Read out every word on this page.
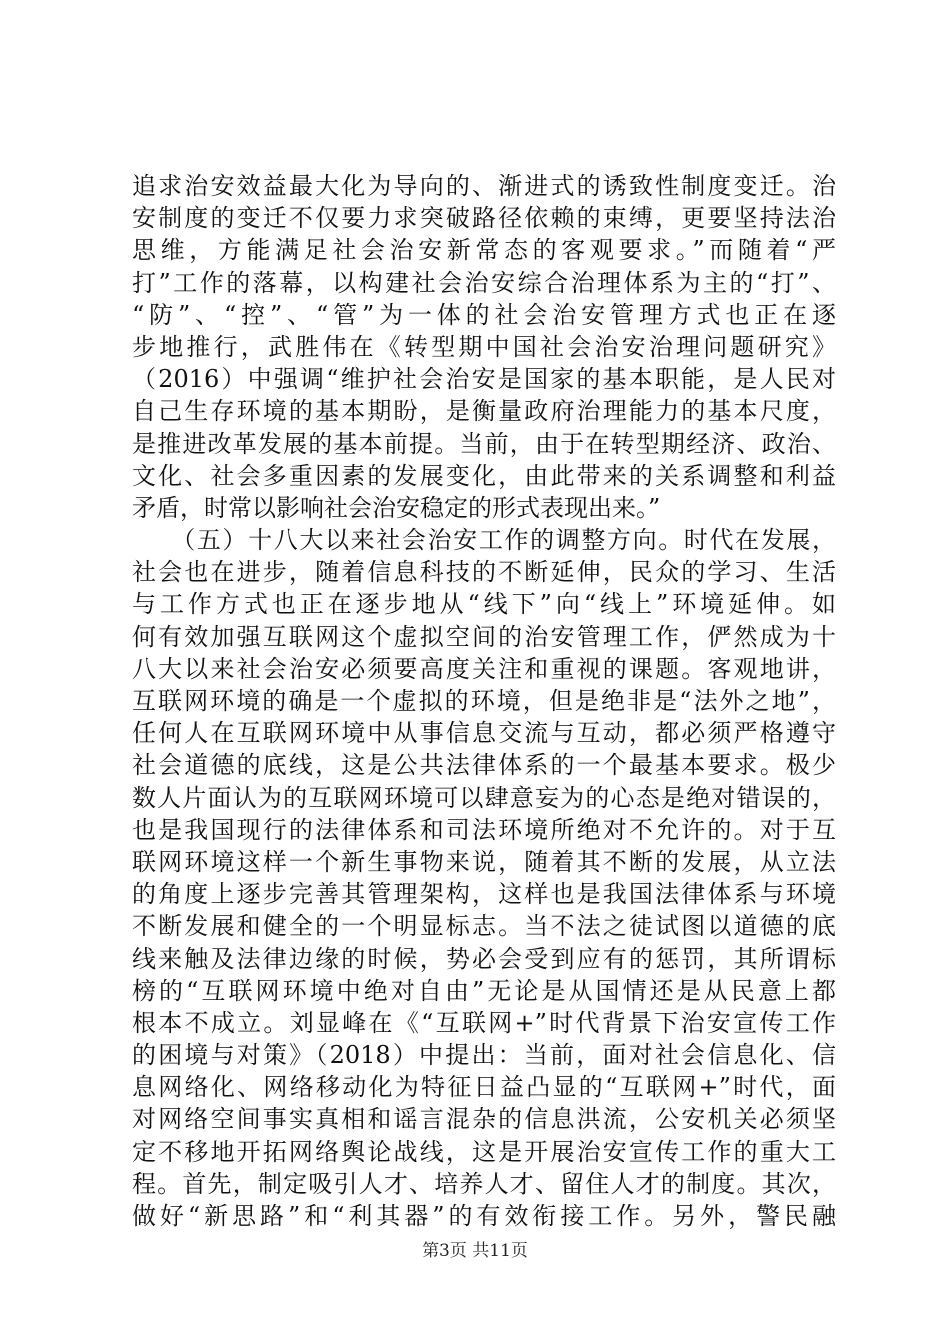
追求治安效益最大化为导向的、渐进式的诱致性制度变迁。治
安制度的变迁不仅要力求突破路径依赖的束缚，更要坚持法治
思维，方能满足社会治安新常态的客观要求。”而随着“严
打”工作的落幕，以构建社会治安综合治理体系为主的“打”、
“防”、“控”、“管”为一体的社会治安管理方式也正在逐
步地推行，武胜伟在《转型期中国社会治安治理问题研究》
（2016）中强调“维护社会治安是国家的基本职能，是人民对
自己生存环境的基本期盼，是衡量政府治理能力的基本尺度，
是推进改革发展的基本前提。当前，由于在转型期经济、政治、
文化、社会多重因素的发展变化，由此带来的关系调整和利益
矛盾，时常以影响社会治安稳定的形式表现出来。”
　　（五）十八大以来社会治安工作的调整方向。时代在发展，
社会也在进步，随着信息科技的不断延伸，民众的学习、生活
与工作方式也正在逐步地从“线下”向“线上”环境延伸。如
何有效加强互联网这个虚拟空间的治安管理工作，俨然成为十
八大以来社会治安必须要高度关注和重视的课题。客观地讲，
互联网环境的确是一个虚拟的环境，但是绝非是“法外之地”，
任何人在互联网环境中从事信息交流与互动，都必须严格遵守
社会道德的底线，这是公共法律体系的一个最基本要求。极少
数人片面认为的互联网环境可以肆意妄为的心态是绝对错误的，
也是我国现行的法律体系和司法环境所绝对不允许的。对于互
联网环境这样一个新生事物来说，随着其不断的发展，从立法
的角度上逐步完善其管理架构，这样也是我国法律体系与环境
不断发展和健全的一个明显标志。当不法之徒试图以道德的底
线来触及法律边缘的时候，势必会受到应有的惩罚，其所谓标
榜的“互联网环境中绝对自由”无论是从国情还是从民意上都
根本不成立。刘显峰在《“互联网+”时代背景下治安宣传工作
的困境与对策》（2018）中提出：当前，面对社会信息化、信
息网络化、网络移动化为特征日益凸显的“互联网+”时代，面
对网络空间事实真相和谣言混杂的信息洪流，公安机关必须坚
定不移地开拓网络舆论战线，这是开展治安宣传工作的重大工
程。首先，制定吸引人才、培养人才、留住人才的制度。其次，
做好“新思路”和“利其器”的有效衔接工作。另外，警民融
第3页 共11页
